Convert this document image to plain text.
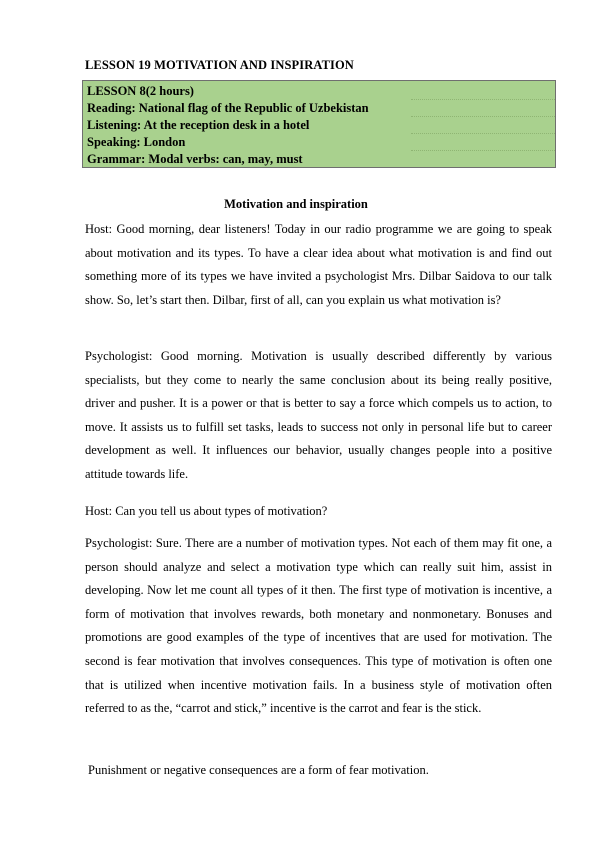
LESSON 19 MOTIVATION AND INSPIRATION
LESSON 8(2 hours)
Reading: National flag of the Republic of Uzbekistan
Listening: At the reception desk in a hotel
Speaking: London
Grammar: Modal verbs: can, may, must
Motivation and inspiration

Host: Good morning, dear listeners! Today in our radio programme we are going to speak about motivation and its types. To have a clear idea about what motivation is and find out something more of its types we have invited a psychologist Mrs. Dilbar Saidova to our talk show. So, let’s start then. Dilbar, first of all, can you explain us what motivation is?

Psychologist: Good morning. Motivation is usually described differently by various specialists, but they come to nearly the same conclusion about its being really positive, driver and pusher. It is a power or that is better to say a force which compels us to action, to move. It assists us to fulfill set tasks, leads to success not only in personal life but to career development as well. It influences our behavior, usually changes people into a positive attitude towards life.

Host: Can you tell us about types of motivation?

Psychologist: Sure. There are a number of motivation types. Not each of them may fit one, a person should analyze and select a motivation type which can really suit him, assist in developing. Now let me count all types of it then. The first type of motivation is incentive, a form of motivation that involves rewards, both monetary and nonmonetary. Bonuses and promotions are good examples of the type of incentives that are used for motivation. The second is fear motivation that involves consequences. This type of motivation is often one that is utilized when incentive motivation fails. In a business style of motivation often referred to as the, “carrot and stick,” incentive is the carrot and fear is the stick.

Punishment or negative consequences are a form of fear motivation.
